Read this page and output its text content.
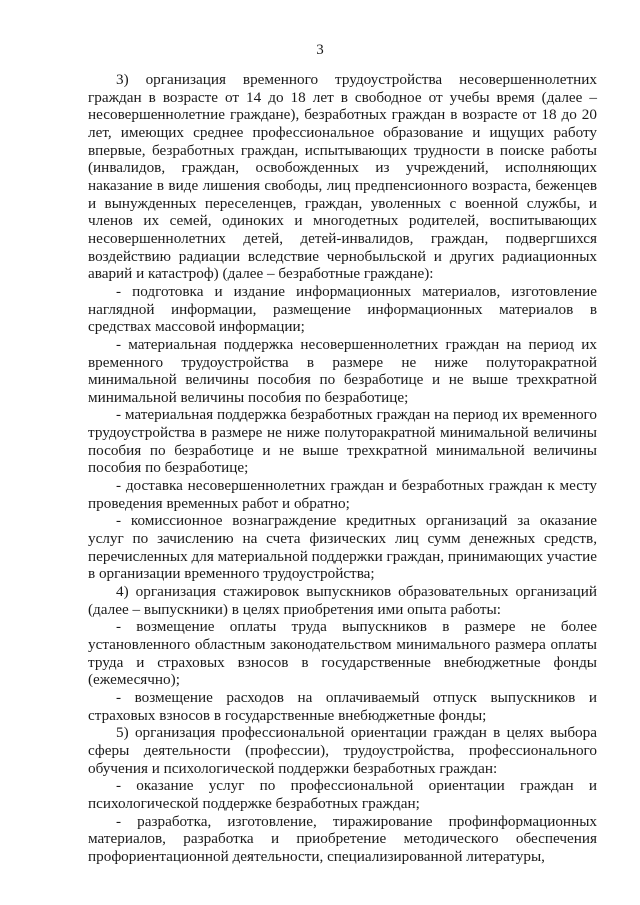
3

3) организация временного трудоустройства несовершеннолетних граждан в возрасте от 14 до 18 лет в свободное от учебы время (далее – несовершеннолетние граждане), безработных граждан в возрасте от 18 до 20 лет, имеющих среднее профессиональное образование и ищущих работу впервые, безработных граждан, испытывающих трудности в поиске работы (инвалидов, граждан, освобожденных из учреждений, исполняющих наказание в виде лишения свободы, лиц предпенсионного возраста, беженцев и вынужденных переселенцев, граждан, уволенных с военной службы, и членов их семей, одиноких и многодетных родителей, воспитывающих несовершеннолетних детей, детей-инвалидов, граждан, подвергшихся воздействию радиации вследствие чернобыльской и других радиационных аварий и катастроф) (далее – безработные граждане):

- подготовка и издание информационных материалов, изготовление наглядной информации, размещение информационных материалов в средствах массовой информации;

- материальная поддержка несовершеннолетних граждан на период их временного трудоустройства в размере не ниже полуторакратной минимальной величины пособия по безработице и не выше трехкратной минимальной величины пособия по безработице;

- материальная поддержка безработных граждан на период их временного трудоустройства в размере не ниже полуторакратной минимальной величины пособия по безработице и не выше трехкратной минимальной величины пособия по безработице;

- доставка несовершеннолетних граждан и безработных граждан к месту проведения временных работ и обратно;

- комиссионное вознаграждение кредитных организаций за оказание услуг по зачислению на счета физических лиц сумм денежных средств, перечисленных для материальной поддержки граждан, принимающих участие в организации временного трудоустройства;

4) организация стажировок выпускников образовательных организаций (далее – выпускники) в целях приобретения ими опыта работы:

- возмещение оплаты труда выпускников в размере не более установленного областным законодательством минимального размера оплаты труда и страховых взносов в государственные внебюджетные фонды (ежемесячно);

- возмещение расходов на оплачиваемый отпуск выпускников и страховых взносов в государственные внебюджетные фонды;

5) организация профессиональной ориентации граждан в целях выбора сферы деятельности (профессии), трудоустройства, профессионального обучения и психологической поддержки безработных граждан:

- оказание услуг по профессиональной ориентации граждан и психологической поддержке безработных граждан;

- разработка, изготовление, тиражирование профинформационных материалов, разработка и приобретение методического обеспечения профориентационной деятельности, специализированной литературы,
